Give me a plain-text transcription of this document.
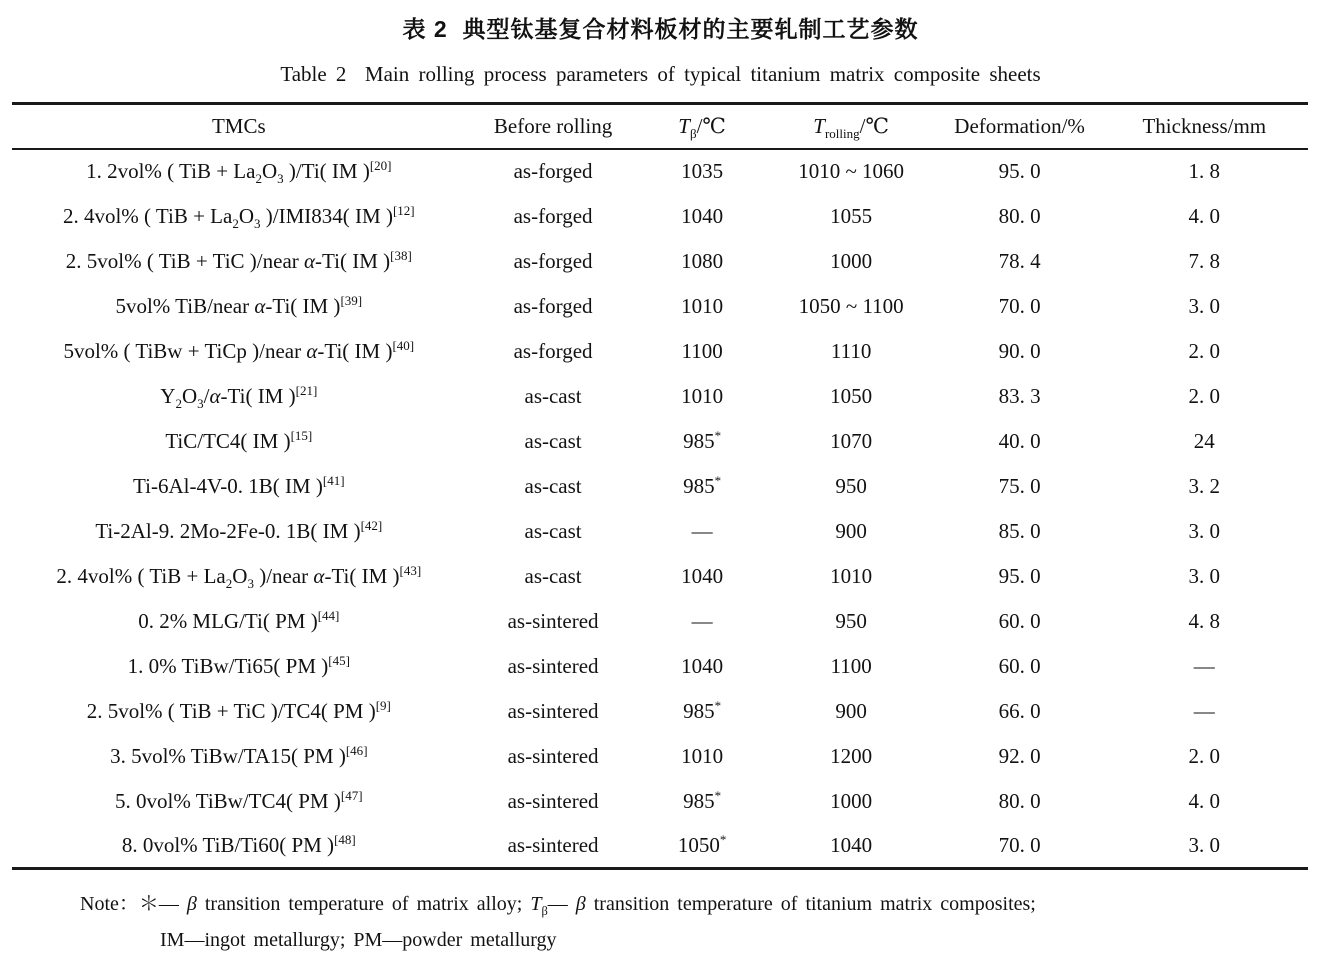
表 2  典型钛基复合材料板材的主要轧制工艺参数
Table 2  Main rolling process parameters of typical titanium matrix composite sheets
TMCs	Before rolling	$T_\beta/℃$	$T_{rolling}/℃$	Deformation/%	Thickness/mm
1. 2vol% ( TiB + $La_2O_3$ )/Ti( IM )[20]	as-forged	1035	1010 ~ 1060	95. 0	1. 8
2. 4vol% ( TiB + $La_2O_3$ )/IMI834( IM )[12]	as-forged	1040	1055	80. 0	4. 0
2. 5vol% ( TiB + TiC )/near α-Ti( IM )[38]	as-forged	1080	1000	78. 4	7. 8
5vol% TiB/near α-Ti( IM )[39]	as-forged	1010	1050 ~ 1100	70. 0	3. 0
5vol% ( TiBw + TiCp )/near α-Ti( IM )[40]	as-forged	1100	1110	90. 0	2. 0
$Y_2O_3/\alpha-Ti$( IM )[21]	as-cast	1010	1050	83. 3	2. 0
TiC/TC4( IM )[15]	as-cast	985*	1070	40. 0	24
Ti-6Al-4V-0. 1B( IM )[41]	as-cast	985*	950	75. 0	3. 2
Ti-2Al-9. 2Mo-2Fe-0. 1B( IM )[42]	as-cast	—	900	85. 0	3. 0
2. 4vol% ( TiB + $La_2O_3$ )/near α-Ti( IM )[43]	as-cast	1040	1010	95. 0	3. 0
0. 2% MLG/Ti( PM )[44]	as-sintered	—	950	60. 0	4. 8
1. 0% TiBw/Ti65( PM )[45]	as-sintered	1040	1100	60. 0	—
2. 5vol% ( TiB + TiC )/TC4( PM )[9]	as-sintered	985*	900	66. 0	—
3. 5vol% TiBw/TA15( PM )[46]	as-sintered	1010	1200	92. 0	2. 0
5. 0vol% TiBw/TC4( PM )[47]	as-sintered	985*	1000	80. 0	4. 0
8. 0vol% TiB/Ti60( PM )[48]	as-sintered	1050*	1040	70. 0	3. 0
Note：＊— β transition temperature of matrix alloy; $T_\beta—$ β transition temperature of titanium matrix composites;
IM—ingot metallurgy; PM—powder metallurgy
